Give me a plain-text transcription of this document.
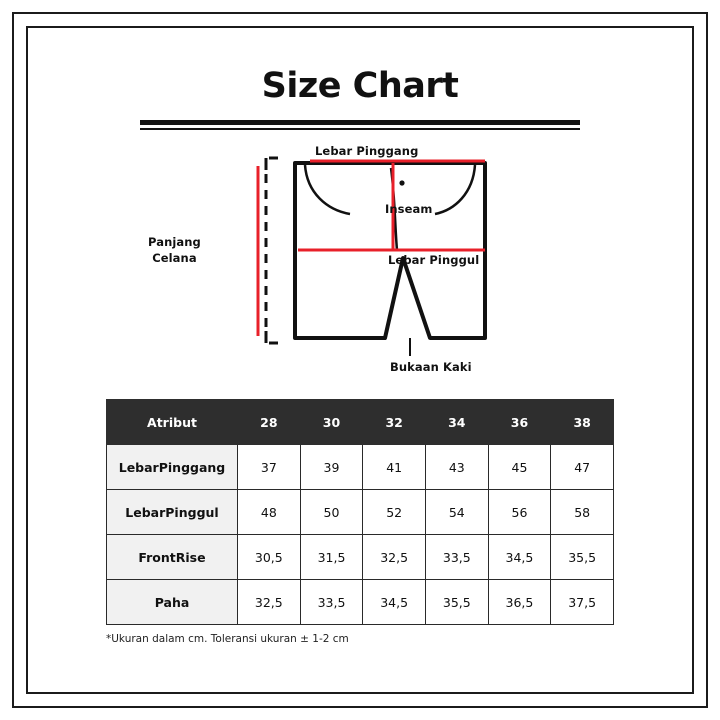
Size Chart
Lebar Pinggang
Inseam
Lebar Pinggul
Bukaan Kaki
Panjang
Celana
Atribut	28	30	32	34	36	38
LebarPinggang	37	39	41	43	45	47
LebarPinggul	48	50	52	54	56	58
FrontRise	30,5	31,5	32,5	33,5	34,5	35,5
Paha	32,5	33,5	34,5	35,5	36,5	37,5
*Ukuran dalam cm. Toleransi ukuran ± 1-2 cm
